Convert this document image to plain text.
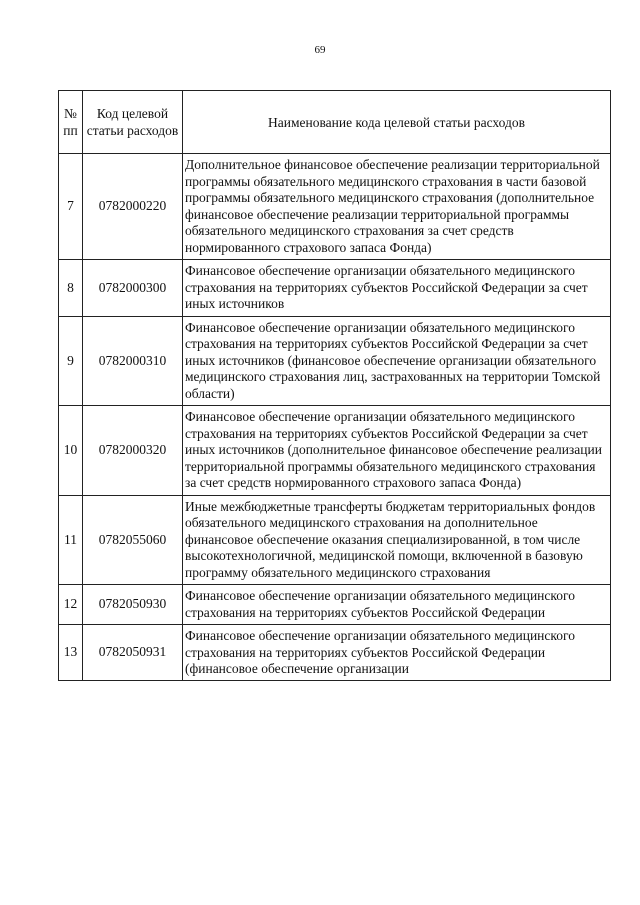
69
№ пп	Код целевой статьи расходов	Наименование кода целевой статьи расходов
7	0782000220	Дополнительное финансовое обеспечение реализации территориальной программы обязательного медицинского страхования в части базовой программы обязательного медицинского страхования (дополнительное финансовое обеспечение реализации территориальной программы обязательного медицинского страхования за счет средств нормированного страхового запаса Фонда)
8	0782000300	Финансовое обеспечение организации обязательного медицинского страхования на территориях субъектов Российской Федерации за счет иных источников
9	0782000310	Финансовое обеспечение организации обязательного медицинского страхования на территориях субъектов Российской Федерации за счет иных источников (финансовое обеспечение организации обязательного медицинского страхования лиц, застрахованных на территории Томской области)
10	0782000320	Финансовое обеспечение организации обязательного медицинского страхования на территориях субъектов Российской Федерации за счет иных источников (дополнительное финансовое обеспечение реализации территориальной программы обязательного медицинского страхования за счет средств нормированного страхового запаса Фонда)
11	0782055060	Иные межбюджетные трансферты бюджетам территориальных фондов обязательного медицинского страхования на дополнительное финансовое обеспечение оказания специализированной, в том числе высокотехнологичной, медицинской помощи, включенной в базовую программу обязательного медицинского страхования
12	0782050930	Финансовое обеспечение организации обязательного медицинского страхования на территориях субъектов Российской Федерации
13	0782050931	Финансовое обеспечение организации обязательного медицинского страхования на территориях субъектов Российской Федерации (финансовое обеспечение организации
